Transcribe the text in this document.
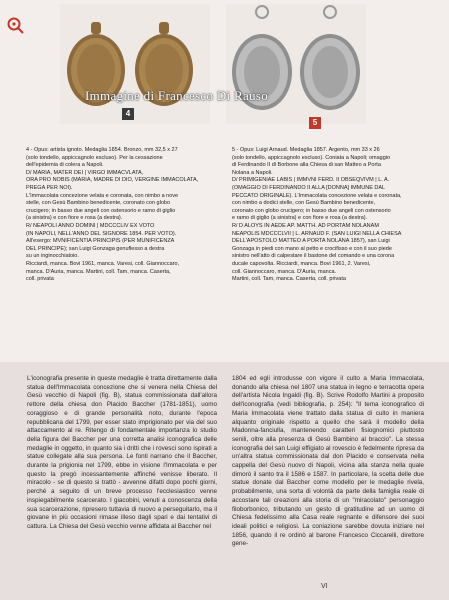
4
5
Immagine di Francesco Di Rauso

4 - Opus: artista ignoto. Medaglia 1854. Bronzo, mm 32,5 x 27

(solo tondello, appiccagnolo escluso). Per la cessazione

dell'epidemia di colera a Napoli.

D/ MARIA, MATER DEI | VIRGO IMMACVLATA,

ORA PRO NOBIS (MARIA, MADRE DI DIO, VERGINE IMMACOLATA,

PREGA PER NOI).

L'Immacolata concezione velata e coronata, con nimbo a nove

stelle, con Gesù Bambino benedicente, coronato con globo

crucigero; in basso due angeli con ostensorio e ramo di giglio

(a sinistra) e con fiore e rosa (a destra).

R/ NEAPOLI ANNO DOMINI | MDCCCLIV EX VOTO

(IN NAPOLI, NELL'ANNO DEL SIGNORE 1854. PER VOTO).

All'esergo: MVNIFICENTIA PRINCIPIS (PER MUNIFICENZA

DEL PRINCIPE); san Luigi Gonzaga genuflesso a destra

su un inginocchiatoio.

Ricciardi, manca. Bovi 1961, manca. Varesi, coll. Giannoccaro,

manca. D'Auria, manca. Martini, coll. Tam, manca. Caserta,

coll. privata

5 - Opus: Luigi Arnaud. Medaglia 1857. Argento, mm 33 x 26

(solo tondello, appiccagnolo escluso). Coniata a Napoli; omaggio

di Ferdinando II di Borbone alla Chiesa di san Matteo a Porta

Nolana a Napoli.

D/ PRIMIGENIAE LABIS | IMMVNI FERD. II OBSEQVIVM | L. A.

(OMAGGIO DI FERDINANDO II ALLA [DONNA] IMMUNE DAL

PECCATO ORIGINALE). L'Immacolata concezione velata e coronata,

con nimbo a dodici stelle, con Gesù Bambino benedicente,

coronato con globo crucigero; in basso due angeli con ostensorio

e ramo di giglio (a sinistra) e con fiore e rosa (a destra).

R/ D ALOYS IN AEDE AP. MATTH. AD PORTAM NOLANAM

NEAPOLIS MDCCCLVII | L. ARNAUD F. (SAN LUIGI NELLA CHIESA

DELL'APOSTOLO MATTEO A PORTA NOLANA 1857), san Luigi

Gonzaga in piedi con mano al petto e crocifisso e con il suo piede

sinistro nell'atto di calpestare il bastone del comando e una corona

ducale capovolta. Ricciardi, manca. Bovi 1961, 2. Varesi,

coll. Giannoccaro, manca. D'Auria, manca.

Martini, coll. Tam, manca. Caserta, coll. privata

L'iconografia presente in queste medaglie è tratta direttamente dalla statua dell'Immacolata concezione che si venera nella Chiesa del Gesù vecchio di Napoli (fig. B), statua commissionata dall'allora rettore della chiesa don Placido Baccher (1781-1851), uomo coraggioso e di grande personalità noto, durante l'epoca repubblicana del 1799, per esser stato imprigionato per via del suo attaccamento al re. Ritengo di fondamentale importanza lo studio della figura del Baccher per una corretta analisi iconografica delle medaglie in oggetto, in quanto sia i dritti che i rovesci sono ispirati a statue collegate alla sua persona. Le fonti narrano che il Baccher, durante la prigionia nel 1799, ebbe in visione l'Immacolata e per questo la pregò incessantemente affinché venisse liberato. Il miracolo - se di questo si trattò - avvenne difatti dopo pochi giorni, perché a seguito di un breve processo l'ecclesiastico venne inspiegabilmente scarcerato. I giacobini, venuti a conoscenza della sua scarcerazione, ripresero tuttavia di nuovo a perseguitarlo, ma il giovane in più occasioni rimase illeso dagli spari e dai tentativi di cattura. La Chiesa del Gesù vecchio venne affidata al Baccher nel

1804 ed egli introdusse con vigore il culto a Maria Immacolata, donando alla chiesa nel 1807 una statua in legno e terracotta opera dell'artista Nicola Ingaldi (fig. B). Scrive Rodolfo Martini a proposito dell'iconografia (vedi bibliografia, p. 254): "Il tema iconografico di Maria Immacolata viene trattato dalla statua di culto in maniera alquanto originale rispetto a quello che sarà il modello della Madonna-fanciulla, mantenendo caratteri fisiognomici piuttosto senili, oltre alla presenza di Gesù Bambino al braccio". La stessa iconografia del san Luigi effigiato al rovescio è fedelmente ripresa da un'altra statua commissionata dal don Placido e conservata nella cappella del Gesù nuovo di Napoli, vicina alla stanza nella quale dimorò il santo tra il 1586 e 1587. In particolare, la scelta delle due statue donate dal Baccher come modello per le medaglie rivela, probabilmente, una sorta di volontà da parte della famiglia reale di accostare tali creazioni alla storia di un "miracolato" personaggio filoborbonico, tributando un gesto di gratitudine ad un uomo di Chiesa fedelissimo alla Casa reale regnante e difensore dei suoi ideali politici e religiosi. La coniazione sarebbe dovuta iniziare nel 1856, quando il re ordinò al barone Francesco Ciccarelli, direttore gene-

VI
